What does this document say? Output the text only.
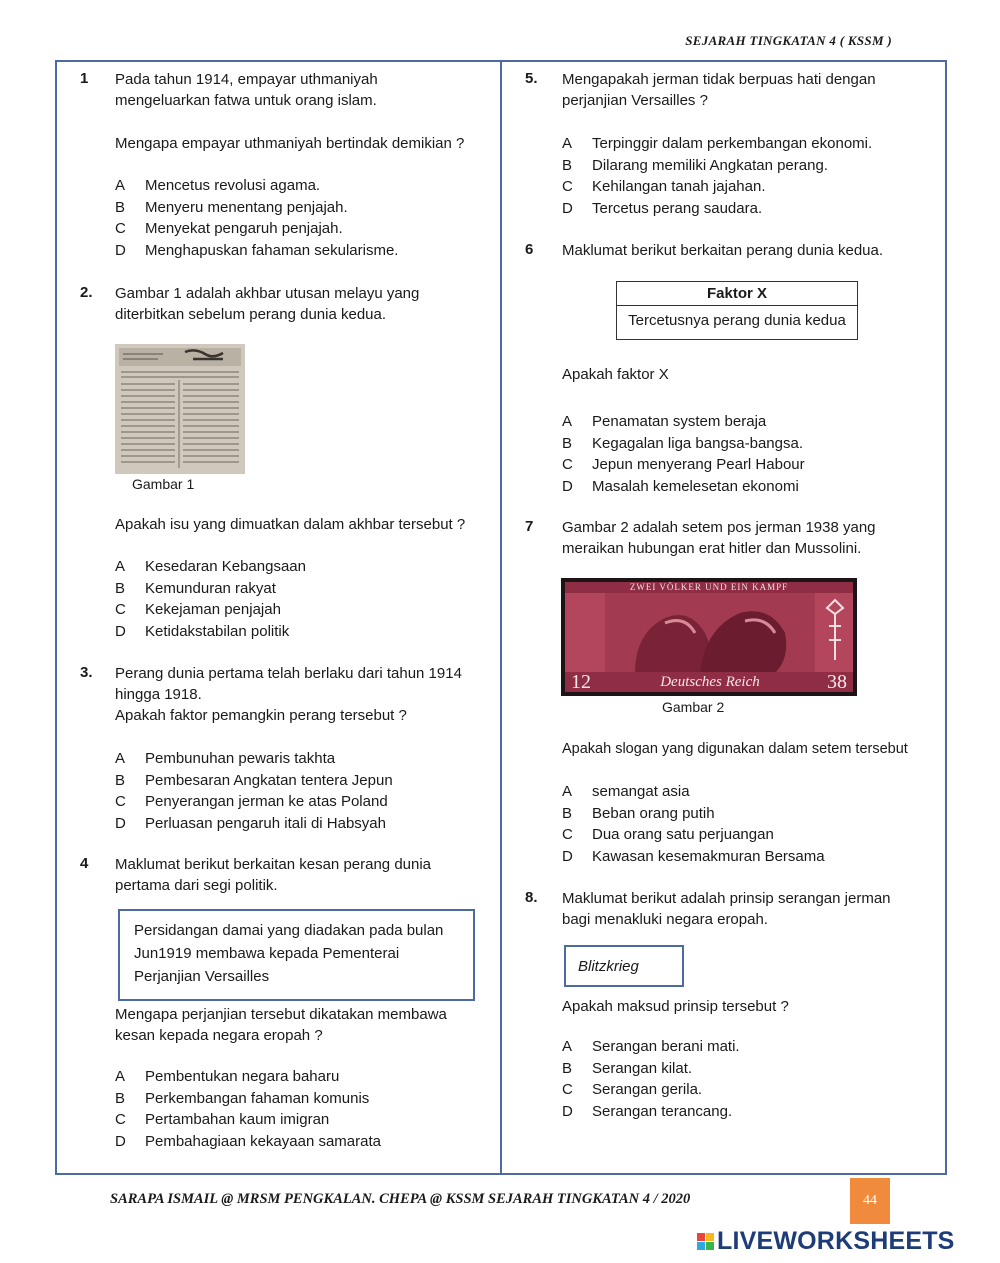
SEJARAH TINGKATAN 4 ( KSSM )
1 Pada tahun 1914, empayar uthmaniyah
mengeluarkan fatwa untuk orang islam.
Mengapa empayar uthmaniyah bertindak demikian ?
A	Mencetus revolusi agama.
B	Menyeru menentang penjajah.
C	Menyekat pengaruh penjajah.
D	Menghapuskan fahaman sekularisme.
2. Gambar 1 adalah akhbar utusan melayu yang
diterbitkan sebelum perang dunia kedua.
Gambar 1
Apakah isu yang dimuatkan dalam akhbar tersebut ?
A	Kesedaran Kebangsaan
B	Kemunduran rakyat
C	Kekejaman penjajah
D	Ketidakstabilan politik
3. Perang dunia pertama telah berlaku dari tahun 1914
hingga 1918.
Apakah faktor pemangkin perang tersebut ?
A	Pembunuhan pewaris takhta
B	Pembesaran Angkatan tentera Jepun
C	Penyerangan jerman ke atas Poland
D	Perluasan pengaruh itali di Habsyah
4 Maklumat berikut berkaitan kesan perang dunia
pertama dari segi politik.
Persidangan damai yang diadakan pada bulan
Jun1919 membawa kepada Pementerai
Perjanjian Versailles
Mengapa perjanjian tersebut dikatakan membawa
kesan kepada negara eropah ?
A	Pembentukan negara baharu
B	Perkembangan fahaman komunis
C	Pertambahan kaum imigran
D	Pembahagiaan kekayaan samarata
5. Mengapakah jerman tidak berpuas hati dengan
perjanjian Versailles ?
A	Terpinggir dalam perkembangan ekonomi.
B	Dilarang memiliki Angkatan perang.
C	Kehilangan tanah jajahan.
D	Tercetus perang saudara.
6 Maklumat berikut berkaitan perang dunia kedua.
Faktor X
Tercetusnya perang dunia kedua
Apakah faktor X
A	Penamatan system beraja
B	Kegagalan liga bangsa-bangsa.
C	Jepun menyerang Pearl Habour
D	Masalah kemelesetan ekonomi
7 Gambar 2 adalah setem pos jerman 1938 yang
meraikan hubungan erat hitler dan Mussolini.
ZWEI VÖLKER UND EIN KAMPF
12	Deutsches Reich	38
Gambar 2
Apakah slogan yang digunakan dalam setem tersebut
A	semangat asia
B	Beban orang putih
C	Dua orang satu perjuangan
D	Kawasan kesemakmuran Bersama
8. Maklumat berikut adalah prinsip serangan jerman
bagi menakluki negara eropah.
Blitzkrieg
Apakah maksud prinsip tersebut ?
A	Serangan berani mati.
B	Serangan kilat.
C	Serangan gerila.
D	Serangan terancang.
SARAPA ISMAIL @ MRSM PENGKALAN. CHEPA @ KSSM SEJARAH TINGKATAN 4 / 2020	44
LIVEWORKSHEETS
